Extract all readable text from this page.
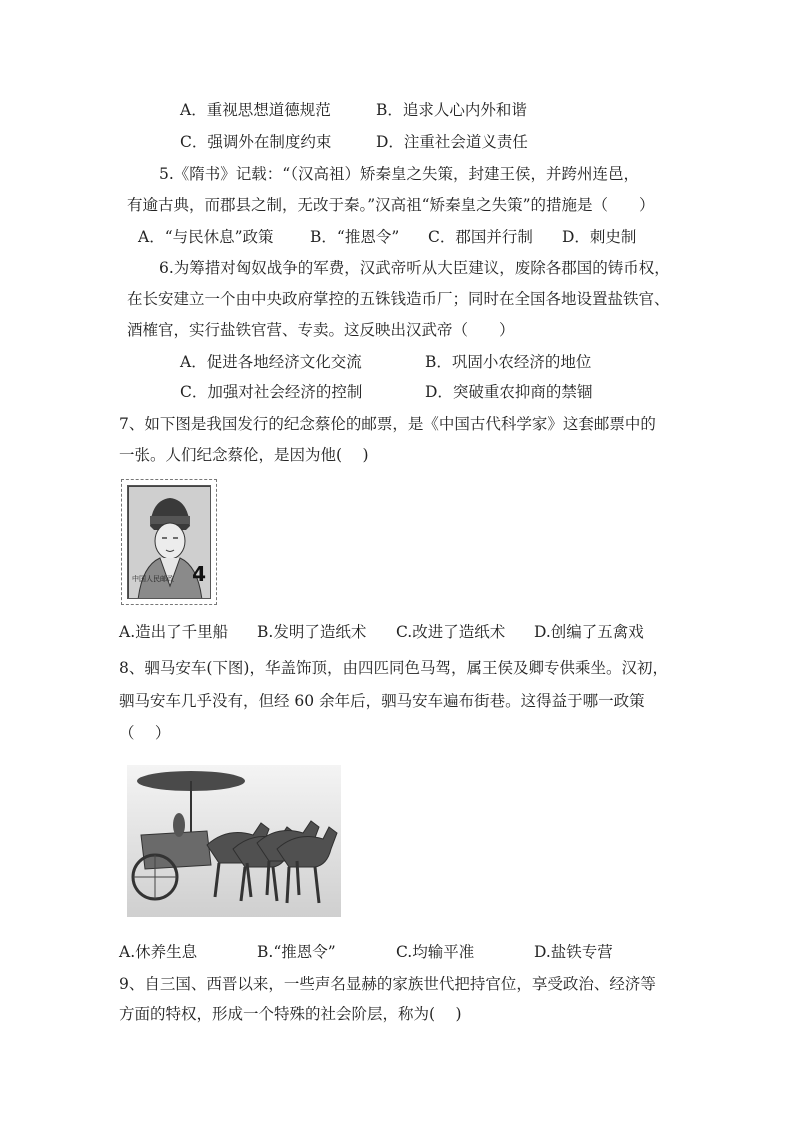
A．重视思想道德规范	B．追求人心内外和谐
C．强调外在制度约束	D．注重社会道义责任
5.《隋书》记载：“（汉高祖）矫秦皇之失策，封建王侯，并跨州连邑，
有逾古典，而郡县之制，无改于秦。”汉高祖“矫秦皇之失策”的措施是（　　）
A．“与民休息”政策 B．“推恩令” C．郡国并行制 D．刺史制
6.为筹措对匈奴战争的军费，汉武帝听从大臣建议，废除各郡国的铸币权，
在长安建立一个由中央政府掌控的五铢钱造币厂；同时在全国各地设置盐铁官、
酒榷官，实行盐铁官营、专卖。这反映出汉武帝（　　）
A．促进各地经济文化交流	B．巩固小农经济的地位
C．加强对社会经济的控制	D．突破重农抑商的禁锢
7、如下图是我国发行的纪念蔡伦的邮票，是《中国古代科学家》这套邮票中的
一张。人们纪念蔡伦，是因为他(　 )
中国人民邮政 4
A.造出了千里船 B.发明了造纸术 C.改进了造纸术 D.创编了五禽戏
8、驷马安车(下图)，华盖饰顶，由四匹同色马驾，属王侯及卿专供乘坐。汉初，
驷马安车几乎没有，但经 60 余年后，驷马安车遍布街巷。这得益于哪一政策
（　 ）
A.休养生息	B.“推恩令”	C.均输平准	D.盐铁专营
9、自三国、西晋以来，一些声名显赫的家族世代把持官位，享受政治、经济等
方面的特权，形成一个特殊的社会阶层，称为(　 )
